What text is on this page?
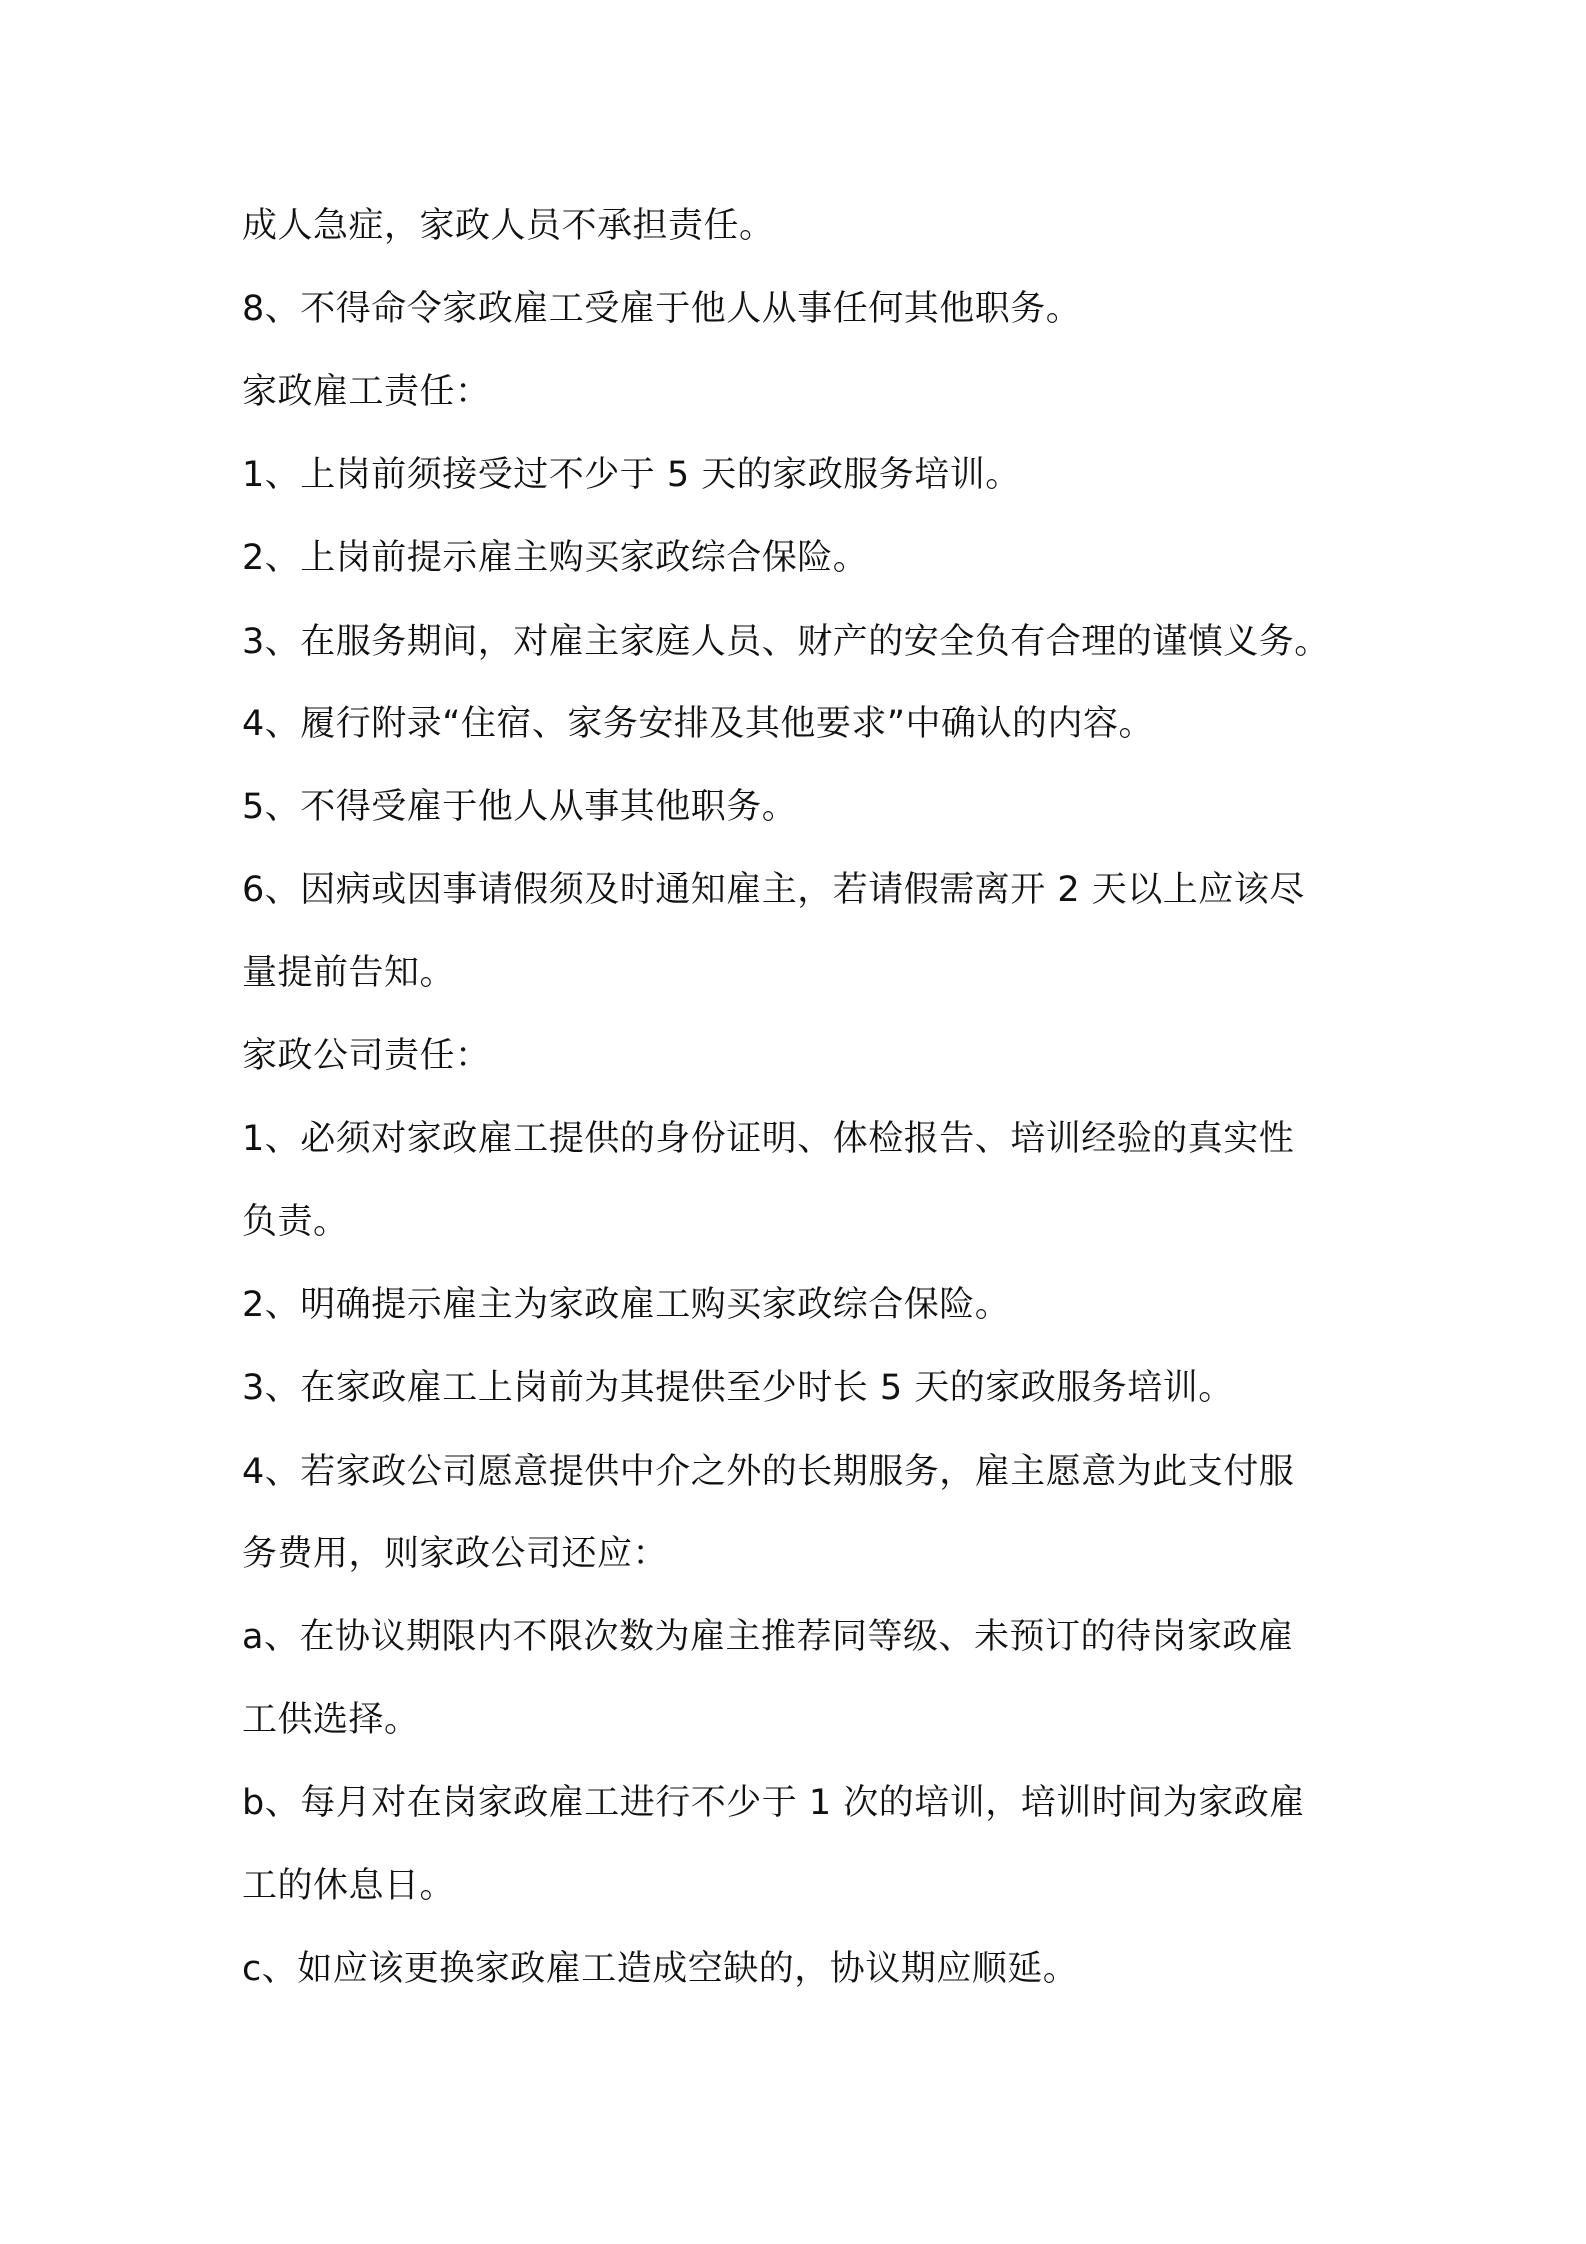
成人急症，家政人员不承担责任。
8、不得命令家政雇工受雇于他人从事任何其他职务。
家政雇工责任：
1、上岗前须接受过不少于 5 天的家政服务培训。
2、上岗前提示雇主购买家政综合保险。
3、在服务期间，对雇主家庭人员、财产的安全负有合理的谨慎义务。
4、履行附录“住宿、家务安排及其他要求”中确认的内容。
5、不得受雇于他人从事其他职务。
6、因病或因事请假须及时通知雇主，若请假需离开 2 天以上应该尽
量提前告知。
家政公司责任：
1、必须对家政雇工提供的身份证明、体检报告、培训经验的真实性
负责。
2、明确提示雇主为家政雇工购买家政综合保险。
3、在家政雇工上岗前为其提供至少时长 5 天的家政服务培训。
4、若家政公司愿意提供中介之外的长期服务，雇主愿意为此支付服
务费用，则家政公司还应：
a、在协议期限内不限次数为雇主推荐同等级、未预订的待岗家政雇
工供选择。
b、每月对在岗家政雇工进行不少于 1 次的培训，培训时间为家政雇
工的休息日。
c、如应该更换家政雇工造成空缺的，协议期应顺延。
